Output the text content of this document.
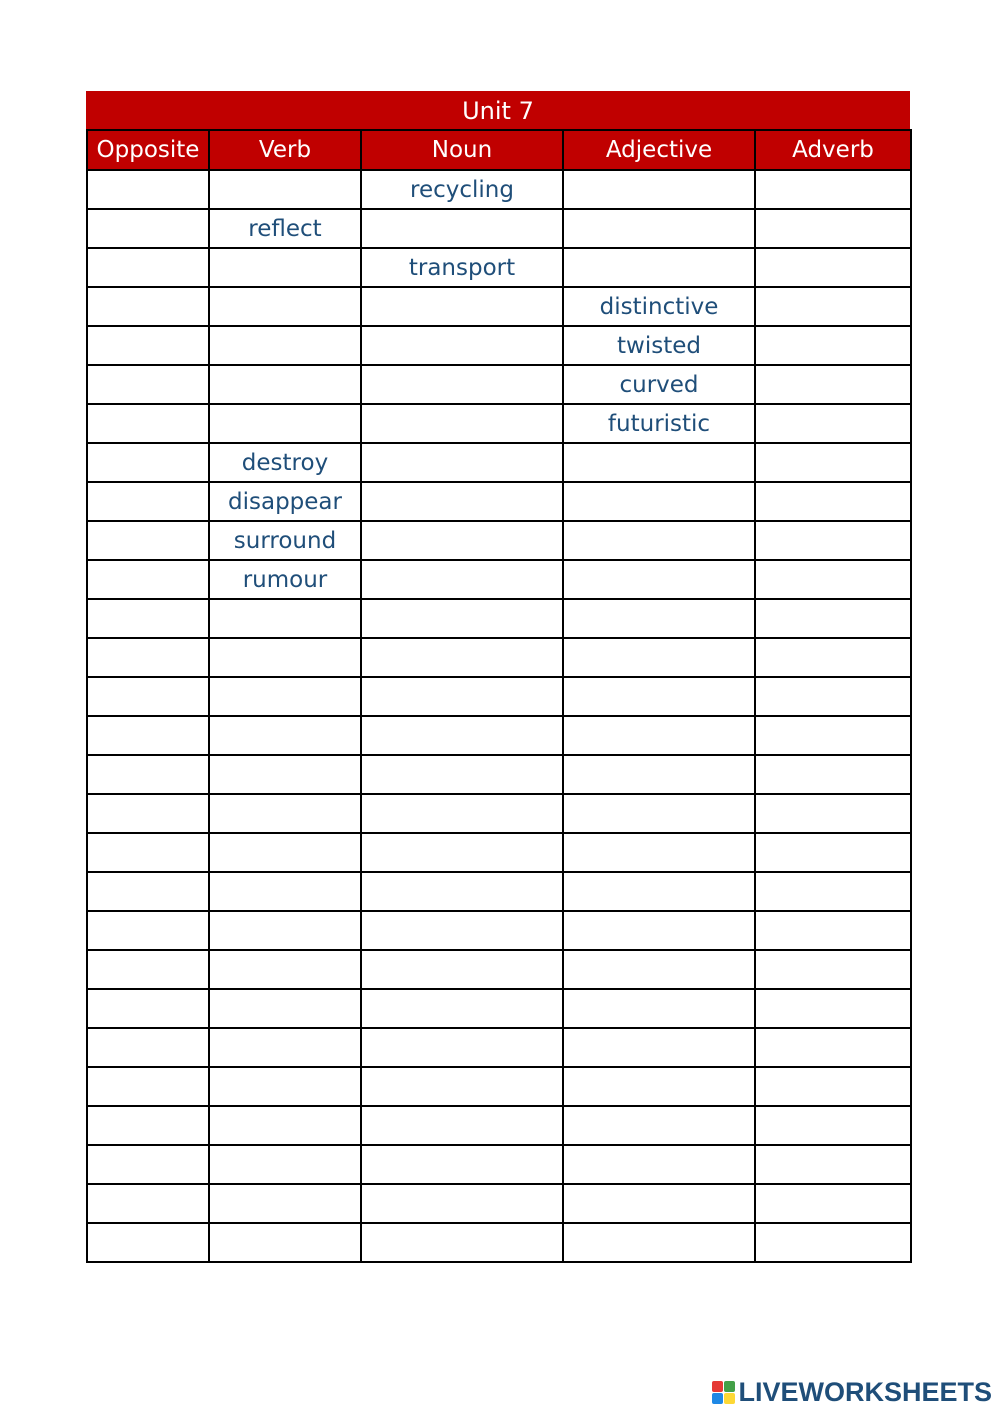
Unit 7
Opposite	Verb	Noun	Adjective	Adverb
		recycling		
	reflect			
		transport		
			distinctive	
			twisted	
			curved	
			futuristic	
	destroy			
	disappear			
	surround			
	rumour			

LIVEWORKSHEETS
